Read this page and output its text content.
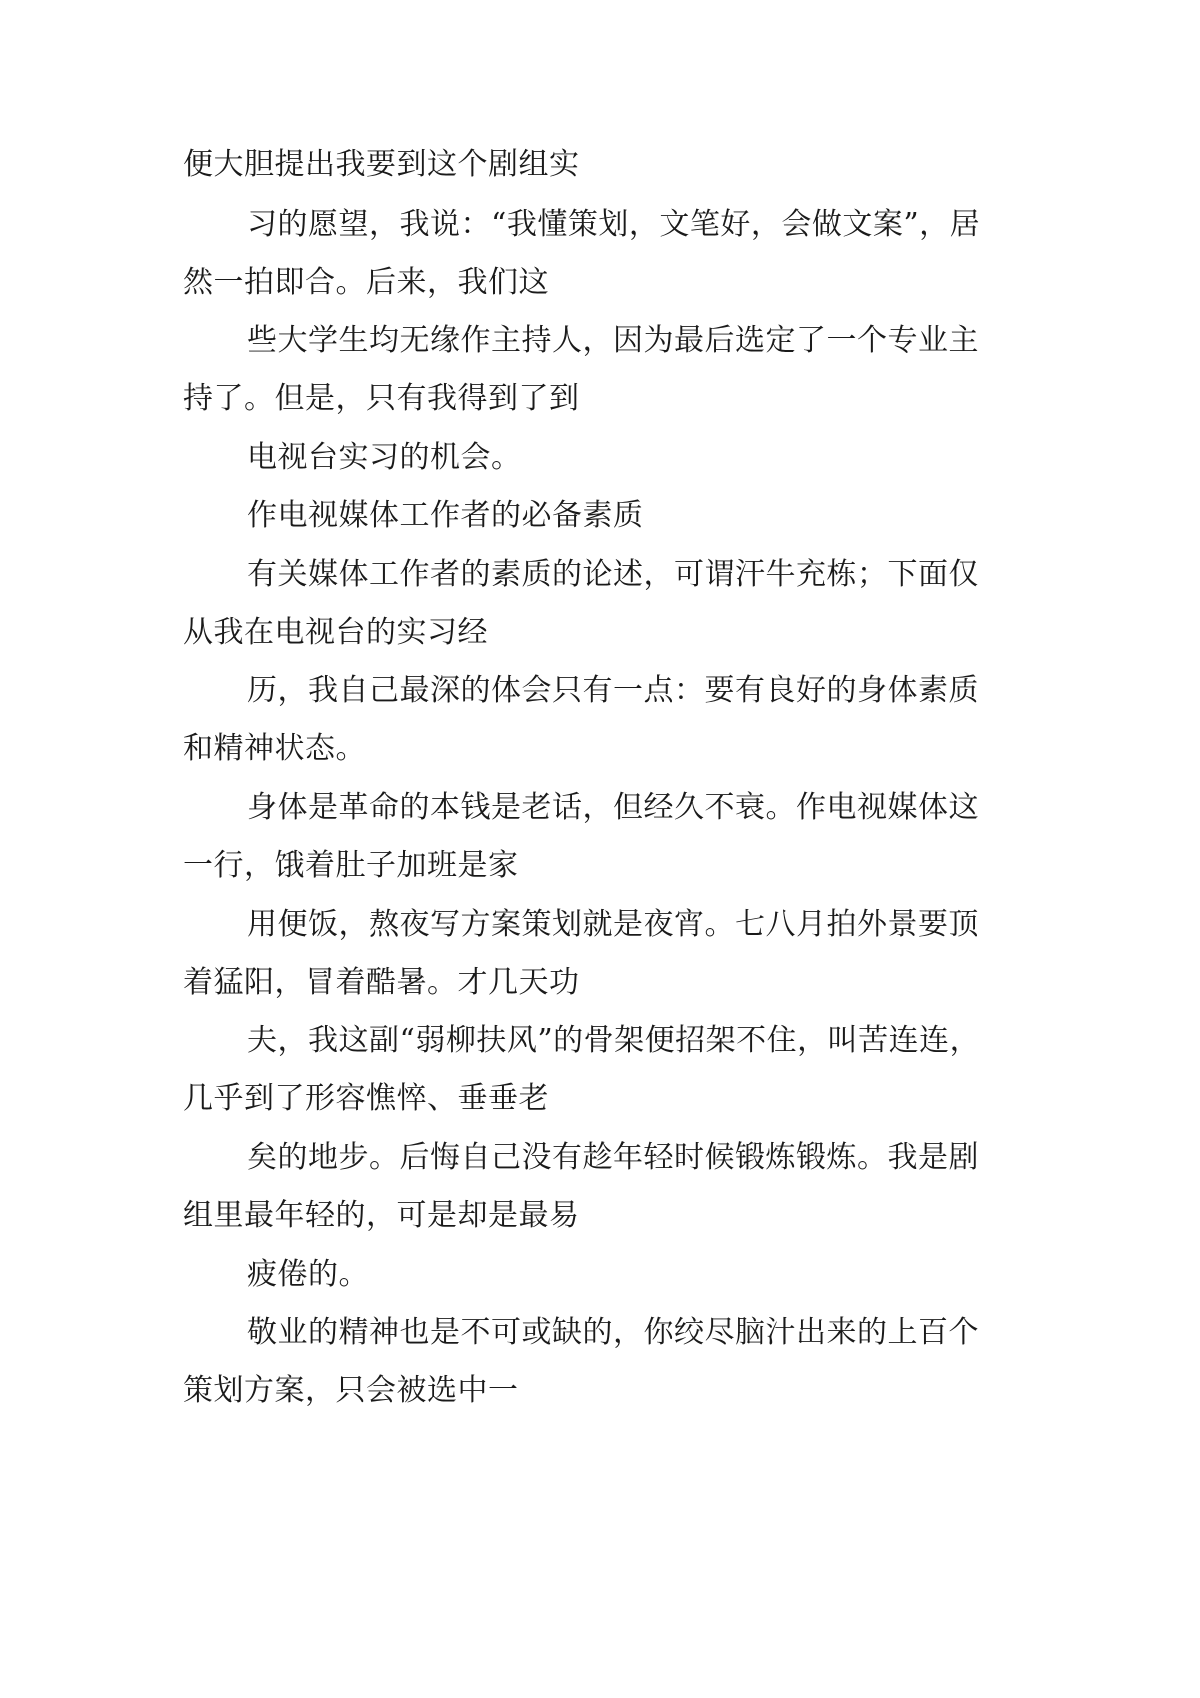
便大胆提出我要到这个剧组实
习的愿望，我说：“我懂策划，文笔好，会做文案”，居
然一拍即合。后来，我们这
些大学生均无缘作主持人，因为最后选定了一个专业主
持了。但是，只有我得到了到
电视台实习的机会。
作电视媒体工作者的必备素质
有关媒体工作者的素质的论述，可谓汗牛充栋；下面仅
从我在电视台的实习经
历，我自己最深的体会只有一点：要有良好的身体素质
和精神状态。
身体是革命的本钱是老话，但经久不衰。作电视媒体这
一行，饿着肚子加班是家
用便饭，熬夜写方案策划就是夜宵。七八月拍外景要顶
着猛阳，冒着酷暑。才几天功
夫，我这副“弱柳扶风”的骨架便招架不住，叫苦连连，
几乎到了形容憔悴、垂垂老
矣的地步。后悔自己没有趁年轻时候锻炼锻炼。我是剧
组里最年轻的，可是却是最易
疲倦的。
敬业的精神也是不可或缺的，你绞尽脑汁出来的上百个
策划方案，只会被选中一
